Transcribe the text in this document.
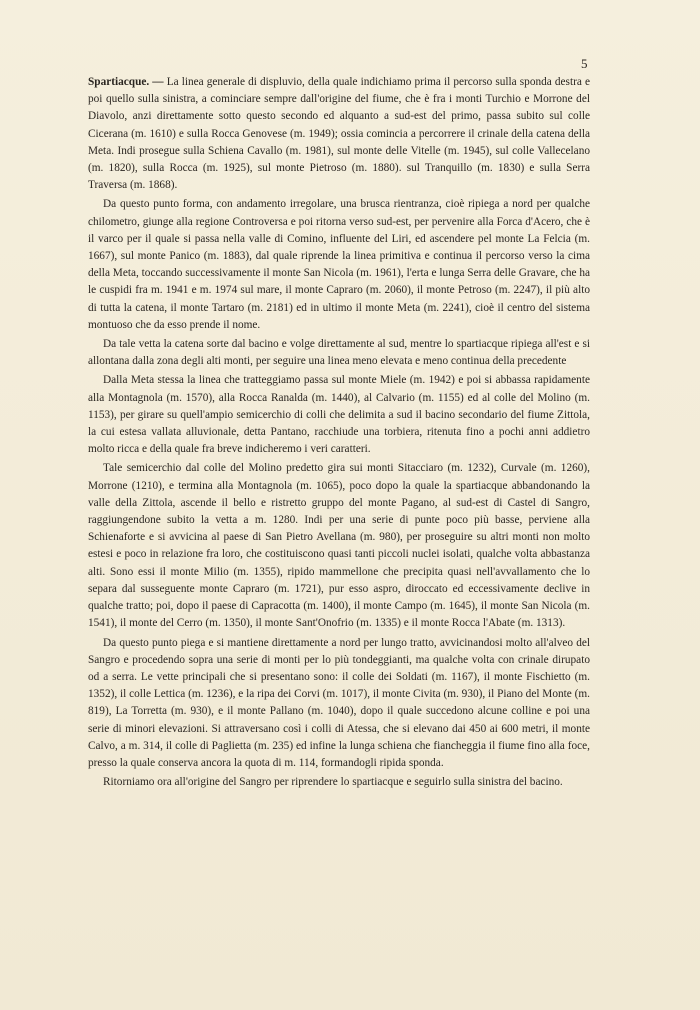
5

Spartiacque. — La linea generale di displuvio, della quale indichiamo prima il percorso sulla sponda destra e poi quello sulla sinistra, a cominciare sempre dall'origine del fiume, che è fra i monti Turchio e Morrone del Diavolo, anzi direttamente sotto questo secondo ed alquanto a sud-est del primo, passa subito sul colle Cicerana (m. 1610) e sulla Rocca Genovese (m. 1949); ossia comincia a percorrere il crinale della catena della Meta. Indi prosegue sulla Schiena Cavallo (m. 1981), sul monte delle Vitelle (m. 1945), sul colle Vallecelano (m. 1820), sulla Rocca (m. 1925), sul monte Pietroso (m. 1880). sul Tranquillo (m. 1830) e sulla Serra Traversa (m. 1868).

Da questo punto forma, con andamento irregolare, una brusca rientranza, cioè ripiega a nord per qualche chilometro, giunge alla regione Controversa e poi ritorna verso sud-est, per pervenire alla Forca d'Acero, che è il varco per il quale si passa nella valle di Comino, influente del Liri, ed ascendere pel monte La Felcia (m. 1667), sul monte Panico (m. 1883), dal quale riprende la linea primitiva e continua il percorso verso la cima della Meta, toccando successivamente il monte San Nicola (m. 1961), l'erta e lunga Serra delle Gravare, che ha le cuspidi fra m. 1941 e m. 1974 sul mare, il monte Capraro (m. 2060), il monte Petroso (m. 2247), il più alto di tutta la catena, il monte Tartaro (m. 2181) ed in ultimo il monte Meta (m. 2241), cioè il centro del sistema montuoso che da esso prende il nome.

Da tale vetta la catena sorte dal bacino e volge direttamente al sud, mentre lo spartiacque ripiega all'est e si allontana dalla zona degli alti monti, per seguire una linea meno elevata e meno continua della precedente

Dalla Meta stessa la linea che tratteggiamo passa sul monte Miele (m. 1942) e poi si abbassa rapidamente alla Montagnola (m. 1570), alla Rocca Ranalda (m. 1440), al Calvario (m. 1155) ed al colle del Molino (m. 1153), per girare su quell'ampio semicerchio di colli che delimita a sud il bacino secondario del fiume Zittola, la cui estesa vallata alluvionale, detta Pantano, racchiude una torbiera, ritenuta fino a pochi anni addietro molto ricca e della quale fra breve indicheremo i veri caratteri.

Tale semicerchio dal colle del Molino predetto gira sui monti Sitacciaro (m. 1232), Curvale (m. 1260), Morrone (1210), e termina alla Montagnola (m. 1065), poco dopo la quale la spartiacque abbandonando la valle della Zittola, ascende il bello e ristretto gruppo del monte Pagano, al sud-est di Castel di Sangro, raggiungendone subito la vetta a m. 1280. Indi per una serie di punte poco più basse, perviene alla Schienaforte e si avvicina al paese di San Pietro Avellana (m. 980), per proseguire su altri monti non molto estesi e poco in relazione fra loro, che costituiscono quasi tanti piccoli nuclei isolati, qualche volta abbastanza alti. Sono essi il monte Milio (m. 1355), ripido mammellone che precipita quasi nell'avvallamento che lo separa dal susseguente monte Capraro (m. 1721), pur esso aspro, diroccato ed eccessivamente declive in qualche tratto; poi, dopo il paese di Capracotta (m. 1400), il monte Campo (m. 1645), il monte San Nicola (m. 1541), il monte del Cerro (m. 1350), il monte Sant'Onofrio (m. 1335) e il monte Rocca l'Abate (m. 1313).

Da questo punto piega e si mantiene direttamente a nord per lungo tratto, avvicinandosi molto all'alveo del Sangro e procedendo sopra una serie di monti per lo più tondeggianti, ma qualche volta con crinale dirupato od a serra. Le vette principali che si presentano sono: il colle dei Soldati (m. 1167), il monte Fischietto (m. 1352), il colle Lettica (m. 1236), e la ripa dei Corvi (m. 1017), il monte Civita (m. 930), il Piano del Monte (m. 819), La Torretta (m. 930), e il monte Pallano (m. 1040), dopo il quale succedono alcune colline e poi una serie di minori elevazioni. Si attraversano così i colli di Atessa, che si elevano dai 450 ai 600 metri, il monte Calvo, a m. 314, il colle di Paglietta (m. 235) ed infine la lunga schiena che fiancheggia il fiume fino alla foce, presso la quale conserva ancora la quota di m. 114, formandogli ripida sponda.

Ritorniamo ora all'origine del Sangro per riprendere lo spartiacque e seguirlo sulla sinistra del bacino.
